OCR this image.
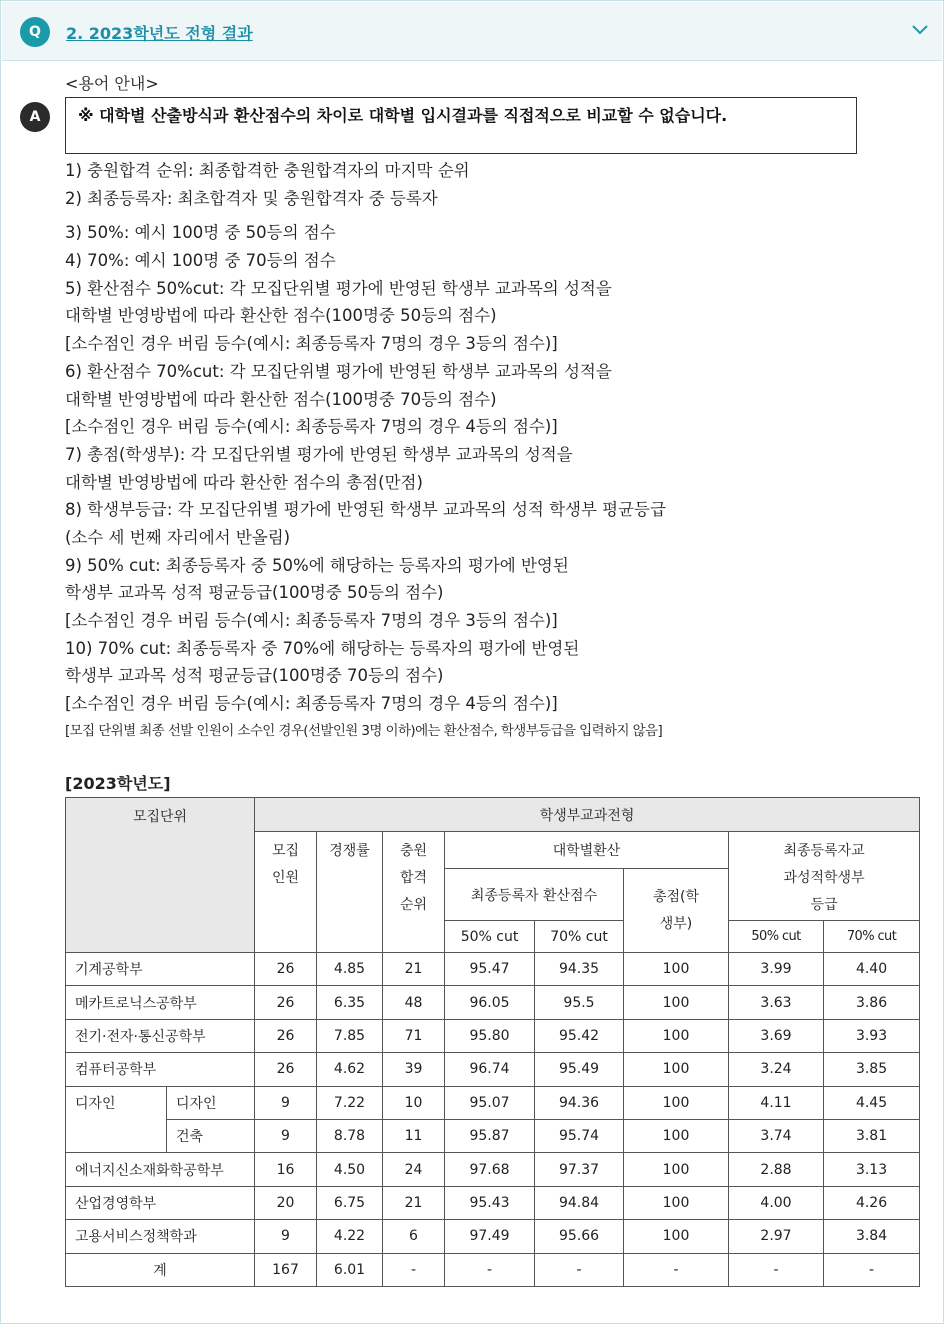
Q	2. 2023학년도 전형 결과
A
<용어 안내>
※ 대학별 산출방식과 환산점수의 차이로 대학별 입시결과를 직접적으로 비교할 수 없습니다.
1) 충원합격 순위: 최종합격한 충원합격자의 마지막 순위
2) 최종등록자: 최초합격자 및 충원합격자 중 등록자
3) 50%: 예시 100명 중 50등의 점수
4) 70%: 예시 100명 중 70등의 점수
5) 환산점수 50%cut: 각 모집단위별 평가에 반영된 학생부 교과목의 성적을
대학별 반영방법에 따라 환산한 점수(100명중 50등의 점수)
[소수점인 경우 버림 등수(예시: 최종등록자 7명의 경우 3등의 점수)]
6) 환산점수 70%cut: 각 모집단위별 평가에 반영된 학생부 교과목의 성적을
대학별 반영방법에 따라 환산한 점수(100명중 70등의 점수)
[소수점인 경우 버림 등수(예시: 최종등록자 7명의 경우 4등의 점수)]
7) 총점(학생부): 각 모집단위별 평가에 반영된 학생부 교과목의 성적을
대학별 반영방법에 따라 환산한 점수의 총점(만점)
8) 학생부등급: 각 모집단위별 평가에 반영된 학생부 교과목의 성적 학생부 평균등급
(소수 세 번째 자리에서 반올림)
9) 50% cut: 최종등록자 중 50%에 해당하는 등록자의 평가에 반영된
학생부 교과목 성적 평균등급(100명중 50등의 점수)
[소수점인 경우 버림 등수(예시: 최종등록자 7명의 경우 3등의 점수)]
10) 70% cut: 최종등록자 중 70%에 해당하는 등록자의 평가에 반영된
학생부 교과목 성적 평균등급(100명중 70등의 점수)
[소수점인 경우 버림 등수(예시: 최종등록자 7명의 경우 4등의 점수)]
[모집 단위별 최종 선발 인원이 소수인 경우(선발인원 3명 이하)에는 환산점수, 학생부등급을 입력하지 않음]
[2023학년도]
모집단위		학생부교과전형							
		모집인원	경쟁률	충원합격순위	대학별환산			최종등록자교과성적학생부등급	
					최종등록자 환산점수		총점(학생부)		
					50% cut	70% cut		50% cut	70% cut
기계공학부		26	4.85	21	95.47	94.35	100	3.99	4.40
메카트로닉스공학부		26	6.35	48	96.05	95.5	100	3.63	3.86
전기·전자·통신공학부		26	7.85	71	95.80	95.42	100	3.69	3.93
컴퓨터공학부		26	4.62	39	96.74	95.49	100	3.24	3.85
디자인	디자인	9	7.22	10	95.07	94.36	100	4.11	4.45
	건축	9	8.78	11	95.87	95.74	100	3.74	3.81
에너지신소재화학공학부		16	4.50	24	97.68	97.37	100	2.88	3.13
산업경영학부		20	6.75	21	95.43	94.84	100	4.00	4.26
고용서비스정책학과		9	4.22	6	97.49	95.66	100	2.97	3.84
계		167	6.01	-	-	-	-	-	-
